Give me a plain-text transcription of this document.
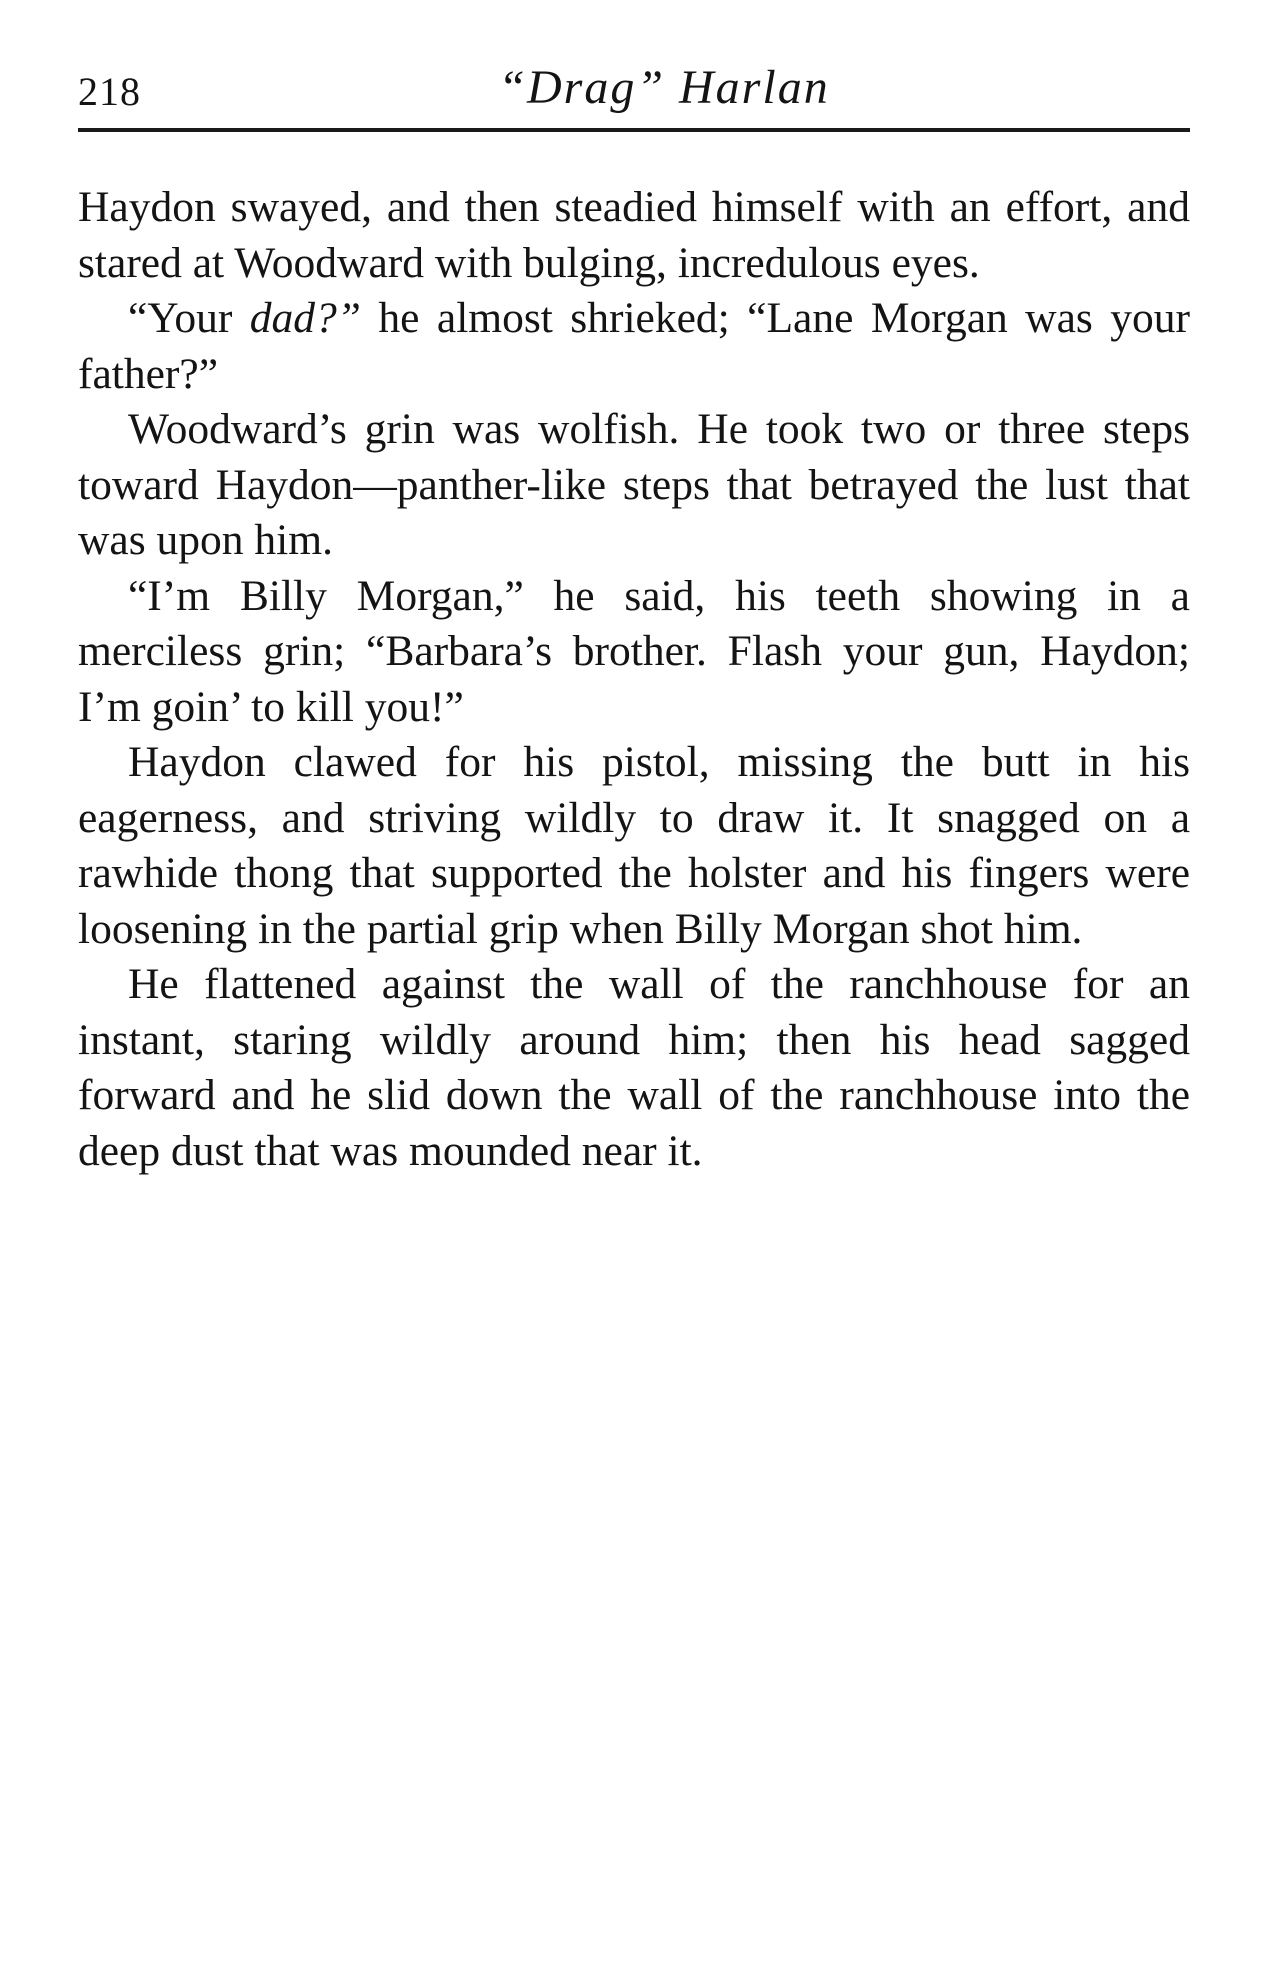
218	“Drag” Harlan

Haydon swayed, and then steadied himself with an effort, and stared at Woodward with bulging, incredulous eyes.

“Your dad?” he almost shrieked; “Lane Morgan was your father?”

Woodward’s grin was wolfish. He took two or three steps toward Haydon—panther-like steps that betrayed the lust that was upon him.

“I’m Billy Morgan,” he said, his teeth showing in a merciless grin; “Barbara’s brother. Flash your gun, Haydon; I’m goin’ to kill you!”

Haydon clawed for his pistol, missing the butt in his eagerness, and striving wildly to draw it. It snagged on a rawhide thong that supported the holster and his fingers were loosening in the partial grip when Billy Morgan shot him.

He flattened against the wall of the ranchhouse for an instant, staring wildly around him; then his head sagged forward and he slid down the wall of the ranchhouse into the deep dust that was mounded near it.
